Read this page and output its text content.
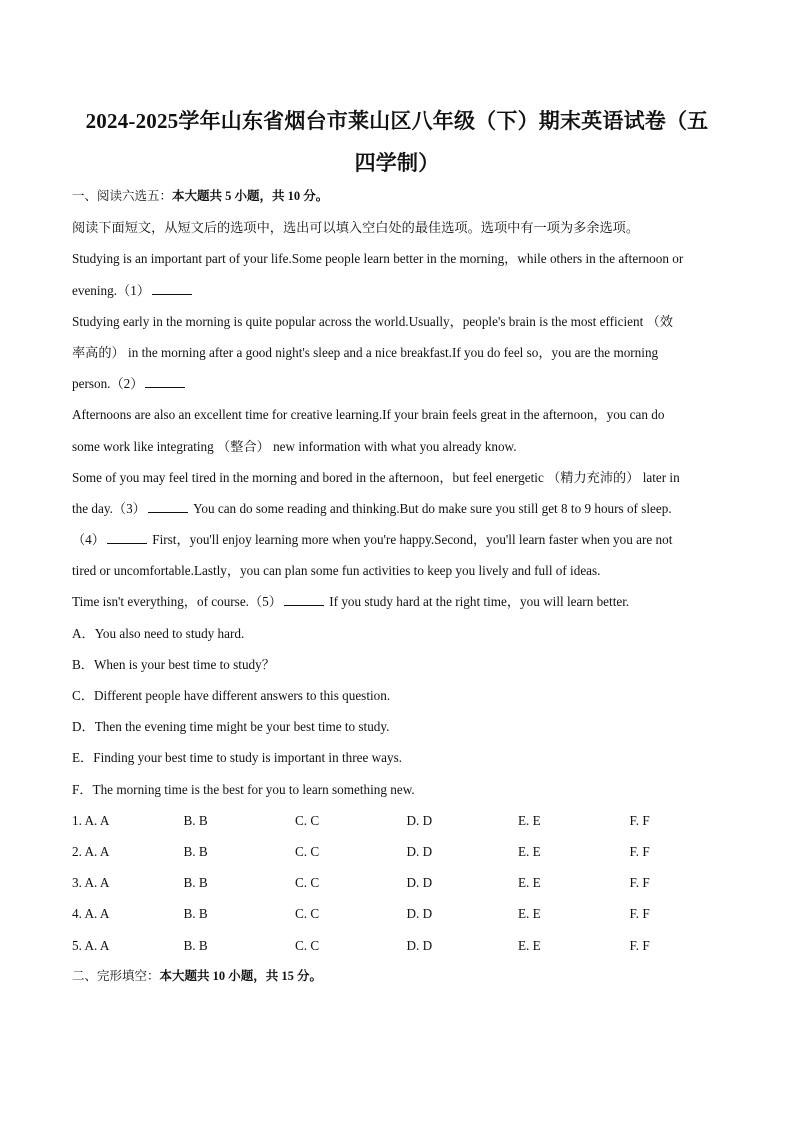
2024-2025学年山东省烟台市莱山区八年级（下）期末英语试卷（五
四学制）
一、阅读六选五：本大题共 5 小题，共 10 分。
阅读下面短文，从短文后的选项中，选出可以填入空白处的最佳选项。选项中有一项为多余选项。
Studying is an important part of your life.Some people learn better in the morning，while others in the afternoon or
evening.（1）
Studying early in the morning is quite popular across the world.Usually，people's brain is the most efficient （效
率高的） in the morning after a good night's sleep and a nice breakfast.If you do feel so，you are the morning
person.（2）
Afternoons are also an excellent time for creative learning.If your brain feels great in the afternoon，you can do
some work like integrating （整合） new information with what you already know.
Some of you may feel tired in the morning and bored in the afternoon，but feel energetic （精力充沛的） later in
the day.（3）	You can do some reading and thinking.But do make sure you still get 8 to 9 hours of sleep.
（4）	First，you'll enjoy learning more when you're happy.Second，you'll learn faster when you are not
tired or uncomfortable.Lastly，you can plan some fun activities to keep you lively and full of ideas.
Time isn't everything，of course.（5）	If you study hard at the right time，you will learn better.
A．You also need to study hard.
B．When is your best time to study？
C．Different people have different answers to this question.
D．Then the evening time might be your best time to study.
E．Finding your best time to study is important in three ways.
F．The morning time is the best for you to learn something new.
1. A. A	B. B	C. C	D. D	E. E	F. F
2. A. A	B. B	C. C	D. D	E. E	F. F
3. A. A	B. B	C. C	D. D	E. E	F. F
4. A. A	B. B	C. C	D. D	E. E	F. F
5. A. A	B. B	C. C	D. D	E. E	F. F
二、完形填空：本大题共 10 小题，共 15 分。
